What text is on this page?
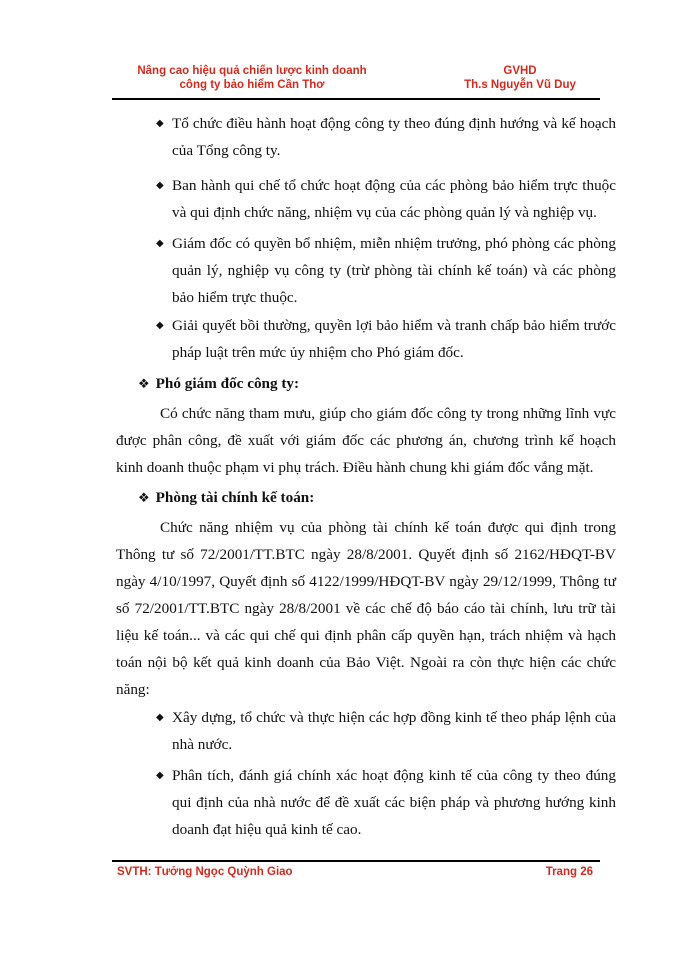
Nâng cao hiệu quả chiến lược kinh doanh
công ty bảo hiểm Cần Thơ
GVHD
Th.s Nguyễn Vũ Duy
◆ Tổ chức điều hành hoạt động công ty theo đúng định hướng và kế hoạch của Tổng công ty.
◆ Ban hành qui chế tổ chức hoạt động của các phòng bảo hiểm trực thuộc và qui định chức năng, nhiệm vụ của các phòng quản lý và nghiệp vụ.
◆ Giám đốc có quyền bổ nhiệm, miễn nhiệm trưởng, phó phòng các phòng quản lý, nghiệp vụ công ty (trừ phòng tài chính kế toán) và các phòng bảo hiểm trực thuộc.
◆ Giải quyết bồi thường, quyền lợi bảo hiểm và tranh chấp bảo hiểm trước pháp luật trên mức ủy nhiệm cho Phó giám đốc.
❖ Phó giám đốc công ty:
Có chức năng tham mưu, giúp cho giám đốc công ty trong những lĩnh vực được phân công, đề xuất với giám đốc các phương án, chương trình kế hoạch kinh doanh thuộc phạm vi phụ trách. Điều hành chung khi giám đốc vắng mặt.
❖ Phòng tài chính kế toán:
Chức năng nhiệm vụ của phòng tài chính kế toán được qui định trong Thông tư số 72/2001/TT.BTC ngày 28/8/2001. Quyết định số 2162/HĐQT-BV ngày 4/10/1997, Quyết định số 4122/1999/HĐQT-BV ngày 29/12/1999, Thông tư số 72/2001/TT.BTC ngày 28/8/2001 về các chế độ báo cáo tài chính, lưu trữ tài liệu kế toán... và các qui chế qui định phân cấp quyền hạn, trách nhiệm và hạch toán nội bộ kết quả kinh doanh của Bảo Việt. Ngoài ra còn thực hiện các chức năng:
◆ Xây dựng, tổ chức và thực hiện các hợp đồng kinh tế theo pháp lệnh của nhà nước.
◆ Phân tích, đánh giá chính xác hoạt động kinh tế của công ty theo đúng qui định của nhà nước để đề xuất các biện pháp và phương hướng kinh doanh đạt hiệu quả kinh tế cao.
SVTH: Tưởng Ngọc Quỳnh Giao	Trang 26
